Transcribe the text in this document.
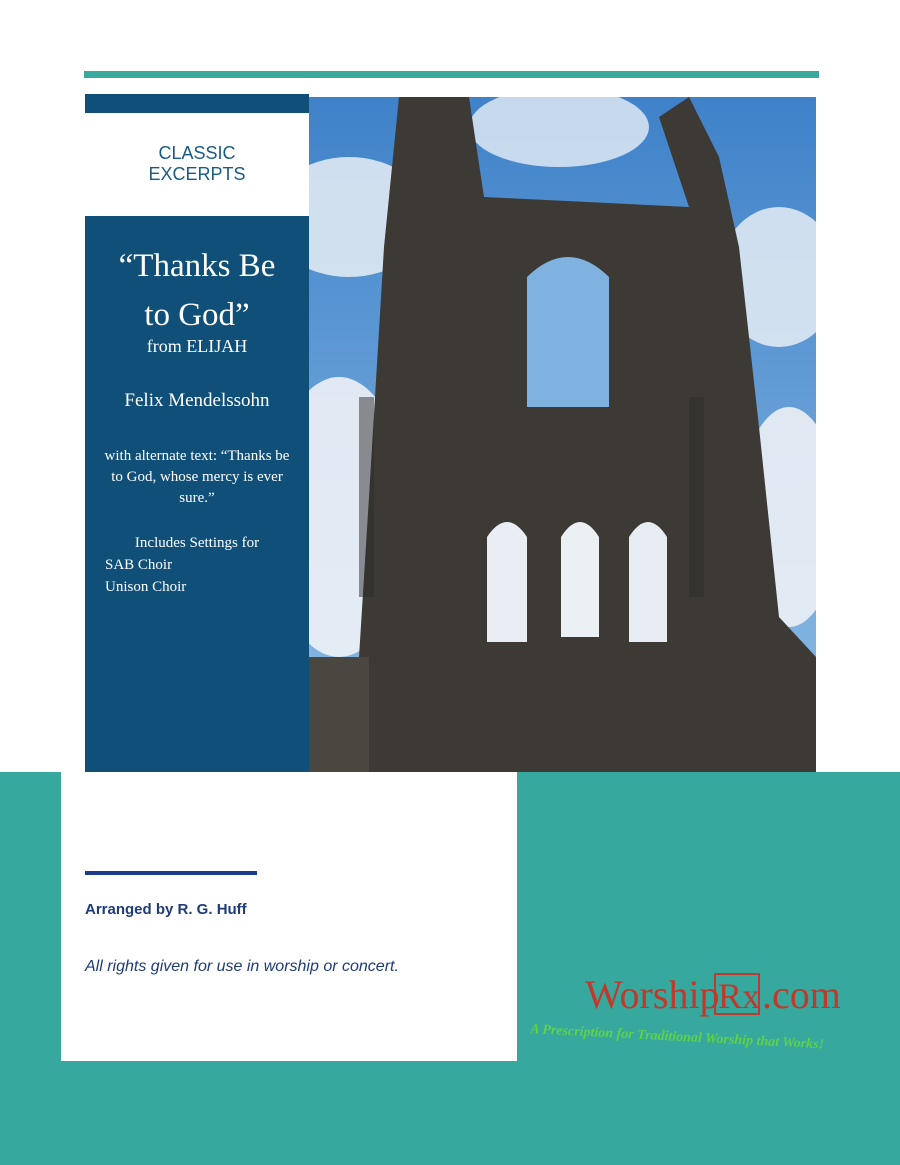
CLASSIC EXCERPTS
“Thanks Be to God”
from ELIJAH
Felix Mendelssohn
with alternate text: “Thanks be to God, whose mercy is ever sure.”
Includes Settings for
SAB Choir
Unison Choir
Arranged by R. G. Huff
All rights given for use in worship or concert.
Worship
Rx .com
A Prescription for Traditional Worship that Works!
